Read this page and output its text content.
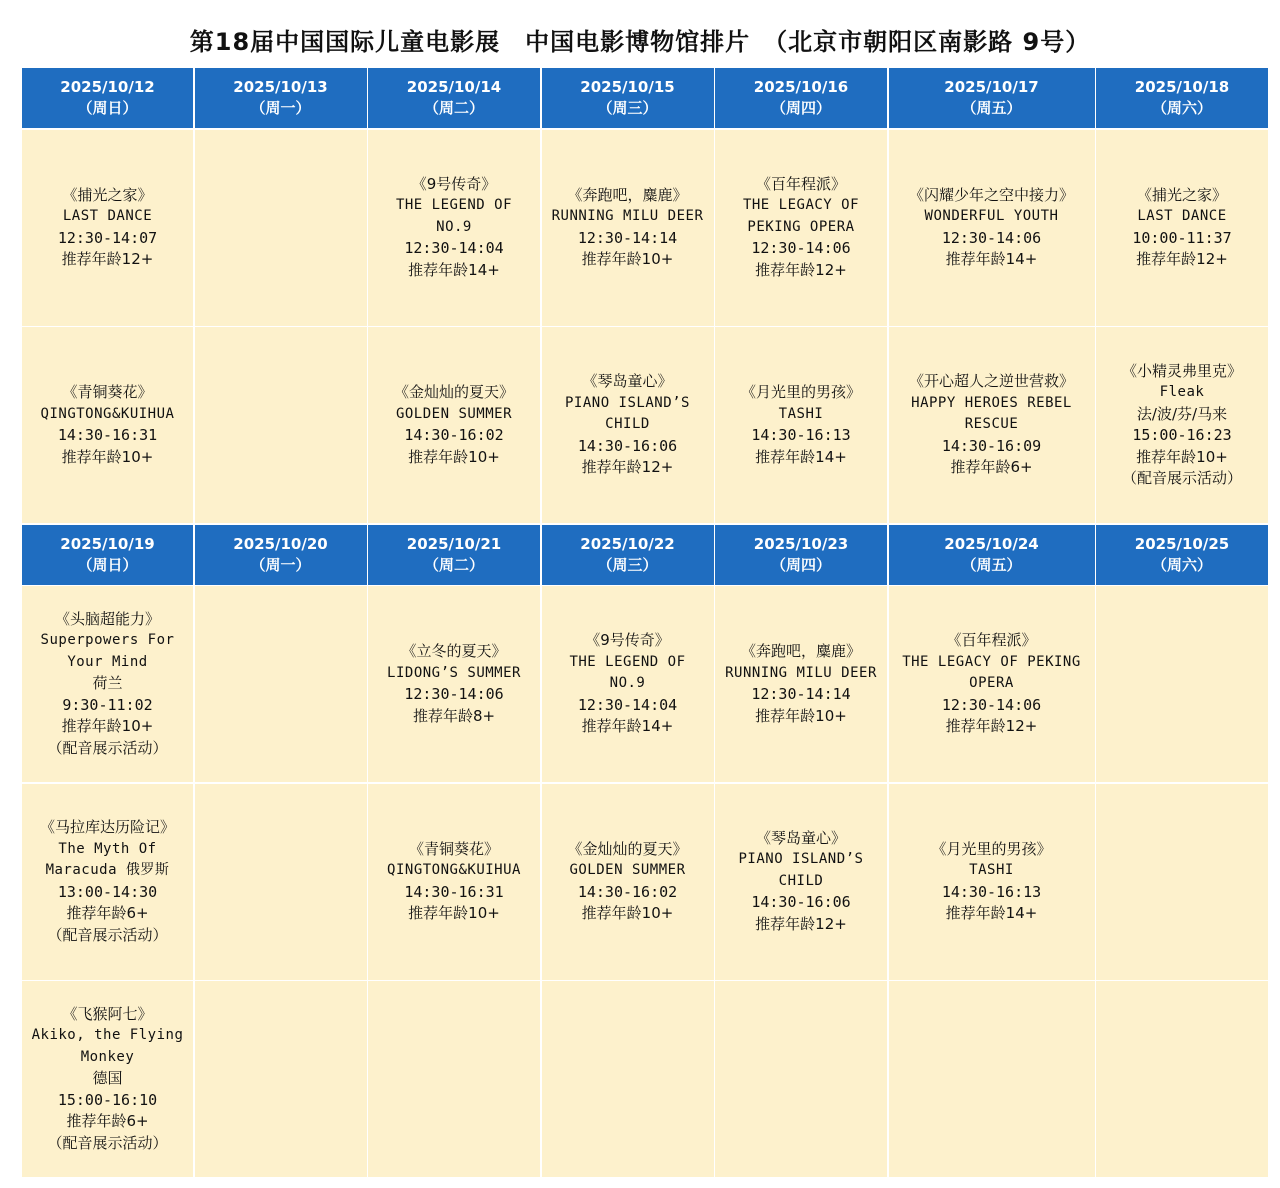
第18届中国国际儿童电影展　中国电影博物馆排片　（北京市朝阳区南影路 9号）
2025/10/12
（周日）
2025/10/13
（周一）
2025/10/14
（周二）
2025/10/15
（周三）
2025/10/16
（周四）
2025/10/17
（周五）
2025/10/18
（周六）
《捕光之家》
LAST DANCE
12:30-14:07
推荐年龄12+
《9号传奇》
THE LEGEND OF NO.9
12:30-14:04
推荐年龄14+
《奔跑吧，麋鹿》
RUNNING MILU DEER
12:30-14:14
推荐年龄10+
《百年程派》
THE LEGACY OF
PEKING OPERA
12:30-14:06
推荐年龄12+
《闪耀少年之空中接力》
WONDERFUL YOUTH
12:30-14:06
推荐年龄14+
《捕光之家》
LAST DANCE
10:00-11:37
推荐年龄12+
《青铜葵花》
QINGTONG&KUIHUA
14:30-16:31
推荐年龄10+
《金灿灿的夏天》
GOLDEN SUMMER
14:30-16:02
推荐年龄10+
《琴岛童心》
PIANO ISLAND’S
CHILD
14:30-16:06
推荐年龄12+
《月光里的男孩》
TASHI
14:30-16:13
推荐年龄14+
《开心超人之逆世营救》
HAPPY HEROES REBEL
RESCUE
14:30-16:09
推荐年龄6+
《小精灵弗里克》
Fleak
法/波/芬/马来
15:00-16:23
推荐年龄10+
（配音展示活动）
2025/10/19
（周日）
2025/10/20
（周一）
2025/10/21
（周二）
2025/10/22
（周三）
2025/10/23
（周四）
2025/10/24
（周五）
2025/10/25
（周六）
《头脑超能力》
Superpowers For
Your Mind
荷兰
9:30-11:02
推荐年龄10+
（配音展示活动）
《立冬的夏天》
LIDONG’S SUMMER
12:30-14:06
推荐年龄8+
《9号传奇》
THE LEGEND OF NO.9
12:30-14:04
推荐年龄14+
《奔跑吧，麋鹿》
RUNNING MILU DEER
12:30-14:14
推荐年龄10+
《百年程派》
THE LEGACY OF PEKING
OPERA
12:30-14:06
推荐年龄12+
《马拉库达历险记》
The Myth Of
Maracuda 俄罗斯
13:00-14:30
推荐年龄6+
（配音展示活动）
《青铜葵花》
QINGTONG&KUIHUA
14:30-16:31
推荐年龄10+
《金灿灿的夏天》
GOLDEN SUMMER
14:30-16:02
推荐年龄10+
《琴岛童心》
PIANO ISLAND’S
CHILD
14:30-16:06
推荐年龄12+
《月光里的男孩》
TASHI
14:30-16:13
推荐年龄14+
《飞猴阿七》
Akiko, the Flying
Monkey
德国
15:00-16:10
推荐年龄6+
（配音展示活动）
